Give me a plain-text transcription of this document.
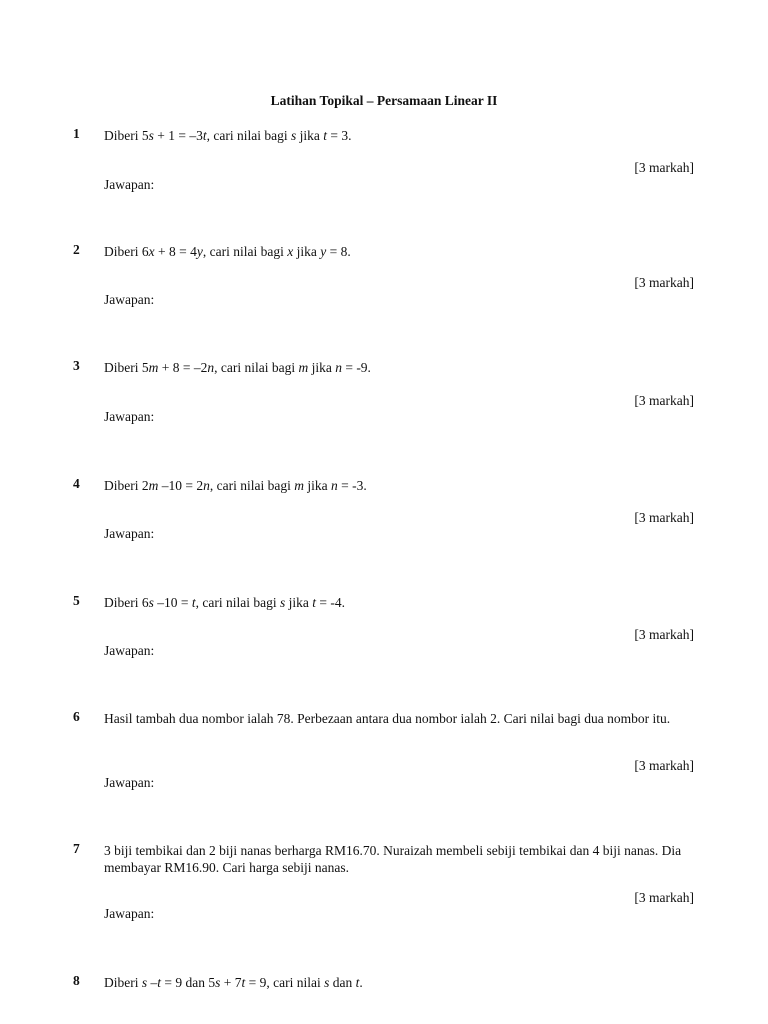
Latihan Topikal – Persamaan Linear II
1 Diberi 5s + 1 = –3t, cari nilai bagi s jika t = 3.
[3 markah]
Jawapan:
2 Diberi 6x + 8 = 4y, cari nilai bagi x jika y = 8.
[3 markah]
Jawapan:
3 Diberi 5m + 8 = –2n, cari nilai bagi m jika n = -9.
[3 markah]
Jawapan:
4 Diberi 2m –10 = 2n, cari nilai bagi m jika n = -3.
[3 markah]
Jawapan:
5 Diberi 6s –10 = t, cari nilai bagi s jika t = -4.
[3 markah]
Jawapan:
6 Hasil tambah dua nombor ialah 78. Perbezaan antara dua nombor ialah 2. Cari nilai bagi dua nombor itu.
[3 markah]
Jawapan:
7 3 biji tembikai dan 2 biji nanas berharga RM16.70. Nuraizah membeli sebiji tembikai dan 4 biji nanas. Dia membayar RM16.90. Cari harga sebiji nanas.
[3 markah]
Jawapan:
8 Diberi s –t = 9 dan 5s + 7t = 9, cari nilai s dan t.
